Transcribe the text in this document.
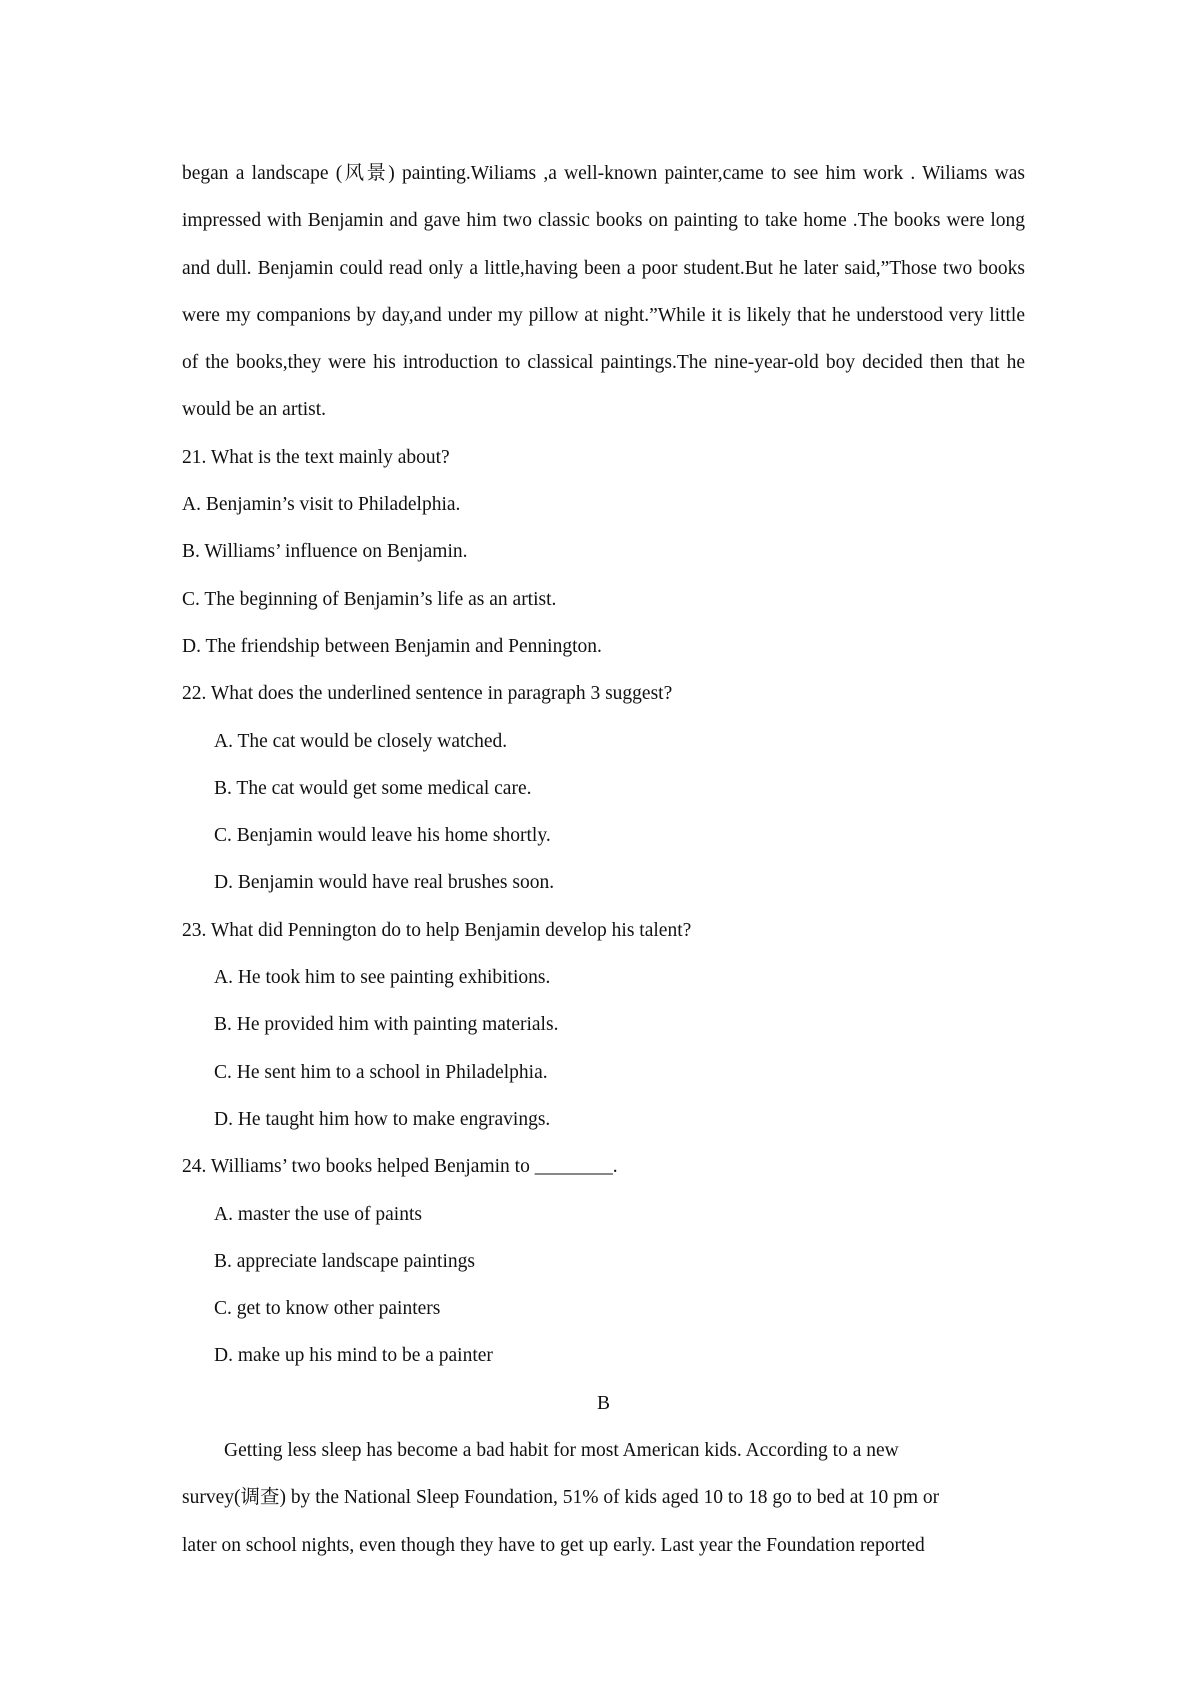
began a landscape (风景) painting.Wiliams ,a well-known painter,came to see him work . Wiliams was impressed with Benjamin and gave him two classic books on painting to take home .The books were long and dull. Benjamin could read only a little,having been a poor student.But he later said,”Those two books were my companions by day,and under my pillow at night.”While it is likely that he understood very little of the books,they were his introduction to classical paintings.The nine-year-old boy decided then that he would be an artist.

21. What is the text mainly about?

A. Benjamin’s visit to Philadelphia.

B. Williams’ influence on Benjamin.

C. The beginning of Benjamin’s life as an artist.

D. The friendship between Benjamin and Pennington.

22. What does the underlined sentence in paragraph 3 suggest?

A. The cat would be closely watched.

B. The cat would get some medical care.

C. Benjamin would leave his home shortly.

D. Benjamin would have real brushes soon.

23. What did Pennington do to help Benjamin develop his talent?

A. He took him to see painting exhibitions.

B. He provided him with painting materials.

C. He sent him to a school in Philadelphia.

D. He taught him how to make engravings.

24. Williams’ two books helped Benjamin to ________.

A. master the use of paints

B. appreciate landscape paintings

C. get to know other painters

D. make up his mind to be a painter

B

Getting less sleep has become a bad habit for most American kids. According to a new

survey(调查) by the National Sleep Foundation, 51% of kids aged 10 to 18 go to bed at 10 pm or

later on school nights, even though they have to get up early. Last year the Foundation reported
